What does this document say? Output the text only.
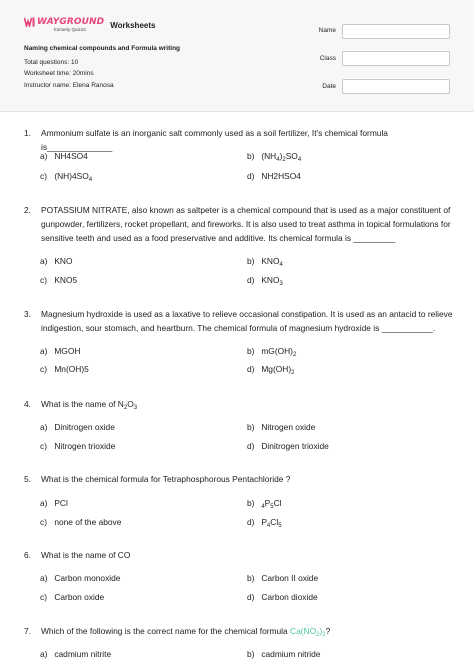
WAYGROUND
formerly Quizizz	Worksheets
Naming chemical compounds and Formula writing
Total questions: 10
Worksheet time: 20mins
Instructor name: Elena Ranosa
Name
Class
Date
1. Ammonium sulfate is an inorganic salt commonly used as a soil fertilizer, It's chemical formula is______________
a) NH4SO4	b) $(NH_4)_2SO_4$
c) $(NH)4SO_4$	d) NH2HSO4
2. POTASSIUM NITRATE, also known as saltpeter is a chemical compound that is used as a major constituent of gunpowder, fertilizers, rocket propellant, and fireworks. It is also used to treat asthma in topical formulations for sensitive teeth and used as a food preservative and additive. Its chemical formula is _________
a) KNO	b) $KNO_4$
c) KNO5	d) $KNO_3$
3. Magnesium hydroxide is used as a laxative to relieve occasional constipation. It is used as an antacid to relieve indigestion, sour stomach, and heartburn. The chemical formula of magnesium hydroxide is ___________.
a) MGOH	b) $mG(OH)_2$
c) Mn(OH)5	d) $Mg(OH)_2$
4. What is the name of $N_2O_3$
a) Dinitrogen oxide	b) Nitrogen oxide
c) Nitrogen trioxide	d) Dinitrogen trioxide
5. What is the chemical formula for Tetraphosphorous Pentachloride ?
a) PCl	b) $_4P_5Cl$
c) none of the above	d) $P_4Cl_5$
6. What is the name of CO
a) Carbon monoxide	b) Carbon II oxide
c) Carbon oxide	d) Carbon dioxide
7. Which of the following is the correct name for the chemical formula $Ca(NO_2)_2$?
a) cadmium nitrite	b) cadmium nitride
